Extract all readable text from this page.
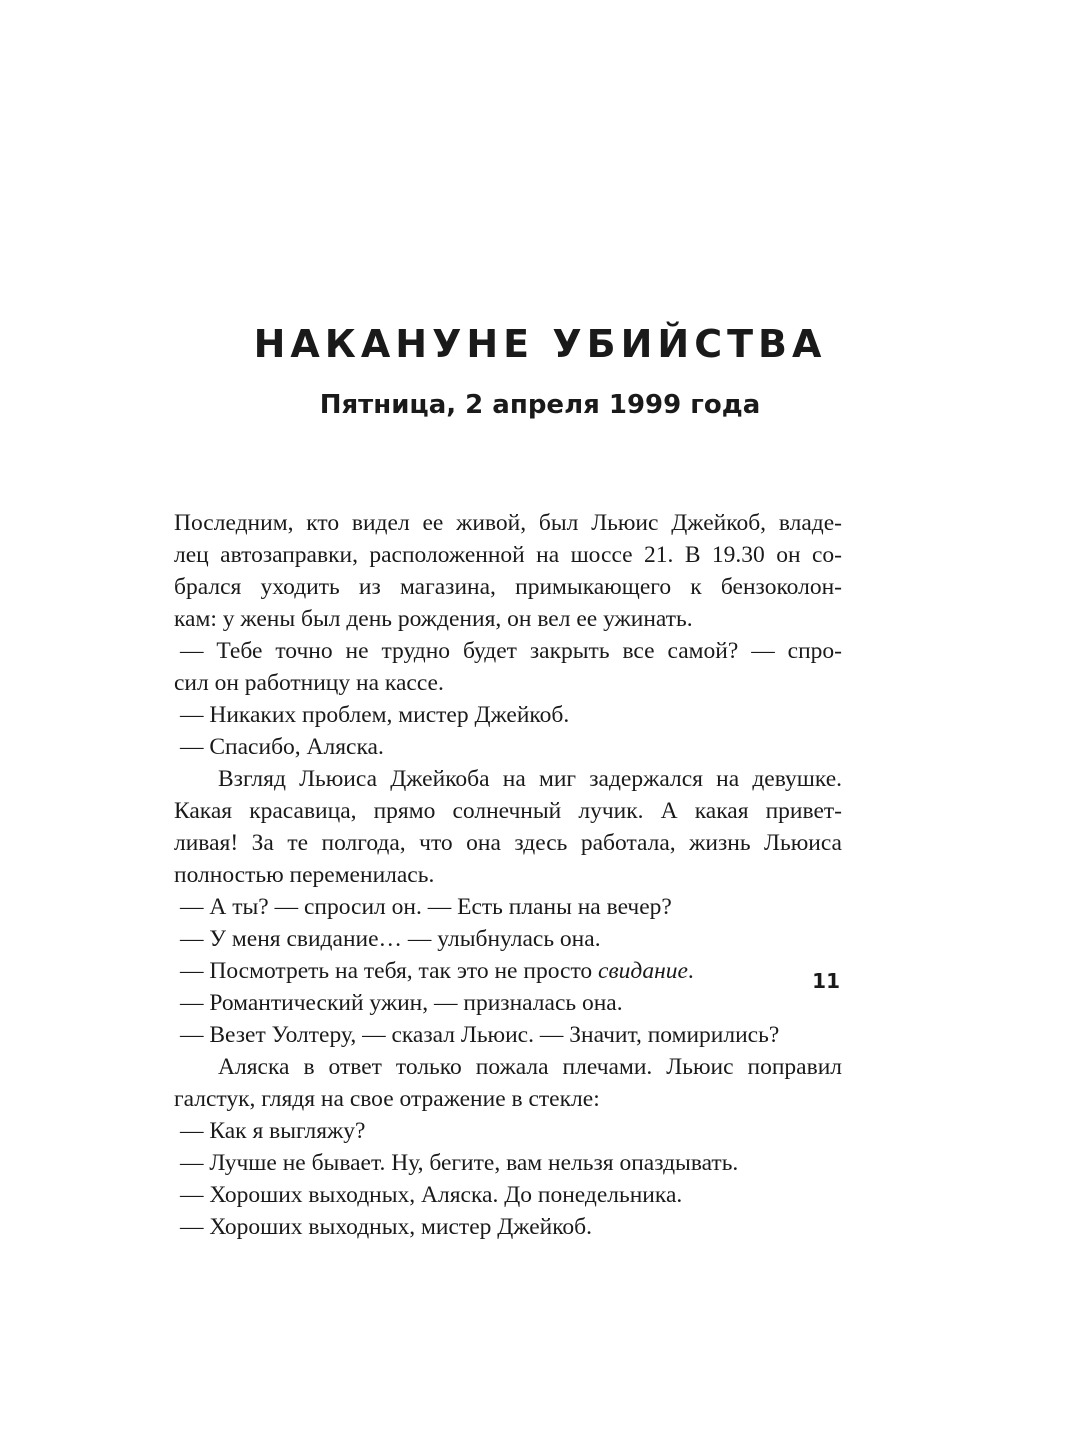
НАКАНУНЕ УБИЙСТВА
Пятница, 2 апреля 1999 года
Последним, кто видел ее живой, был Льюис Джейкоб, владе-
лец автозаправки, расположенной на шоссе 21. В 19.30 он со-
брался уходить из магазина, примыкающего к бензоколон-
кам: у жены был день рождения, он вел ее ужинать.
— Тебе точно не трудно будет закрыть все самой? — спро-
сил он работницу на кассе.
— Никаких проблем, мистер Джейкоб.
— Спасибо, Аляска.
Взгляд Льюиса Джейкоба на миг задержался на девушке.
Какая красавица, прямо солнечный лучик. А какая привет-
ливая! За те полгода, что она здесь работала, жизнь Льюиса
полностью переменилась.
— А ты? — спросил он. — Есть планы на вечер?
— У меня свидание… — улыбнулась она.
— Посмотреть на тебя, так это не просто свидание.
— Романтический ужин, — призналась она.
— Везет Уолтеру, — сказал Льюис. — Значит, помирились?
Аляска в ответ только пожала плечами. Льюис поправил
галстук, глядя на свое отражение в стекле:
— Как я выгляжу?
— Лучше не бывает. Ну, бегите, вам нельзя опаздывать.
— Хороших выходных, Аляска. До понедельника.
— Хороших выходных, мистер Джейкоб.
11
